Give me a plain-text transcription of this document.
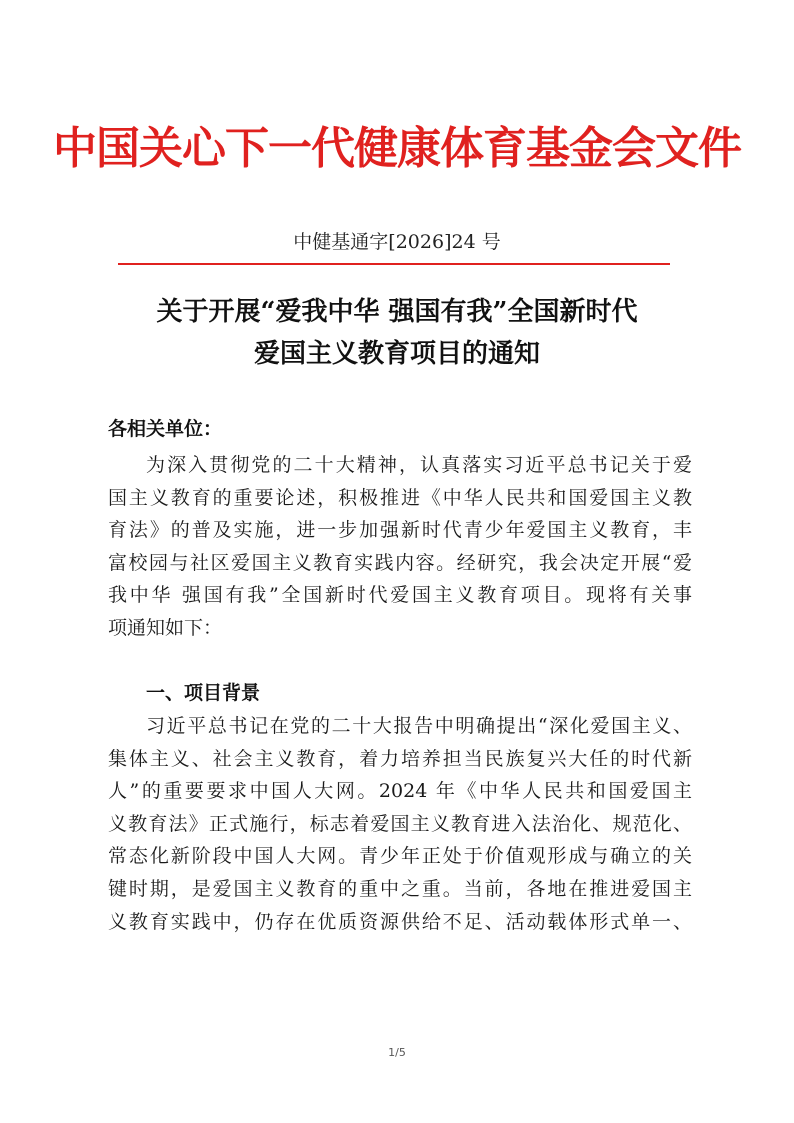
中国关心下一代健康体育基金会文件
中健基通字[2026]24 号
关于开展“爱我中华 强国有我”全国新时代
爱国主义教育项目的通知
各相关单位：
为深入贯彻党的二十大精神，认真落实习近平总书记关于爱
国主义教育的重要论述，积极推进《中华人民共和国爱国主义教
育法》的普及实施，进一步加强新时代青少年爱国主义教育，丰
富校园与社区爱国主义教育实践内容。经研究，我会决定开展“爱
我中华 强国有我”全国新时代爱国主义教育项目。现将有关事
项通知如下：
一、项目背景
习近平总书记在党的二十大报告中明确提出“深化爱国主义、
集体主义、社会主义教育，着力培养担当民族复兴大任的时代新
人”的重要要求中国人大网。2024 年《中华人民共和国爱国主
义教育法》正式施行，标志着爱国主义教育进入法治化、规范化、
常态化新阶段中国人大网。青少年正处于价值观形成与确立的关
键时期，是爱国主义教育的重中之重。当前，各地在推进爱国主
义教育实践中，仍存在优质资源供给不足、活动载体形式单一、
1/5
